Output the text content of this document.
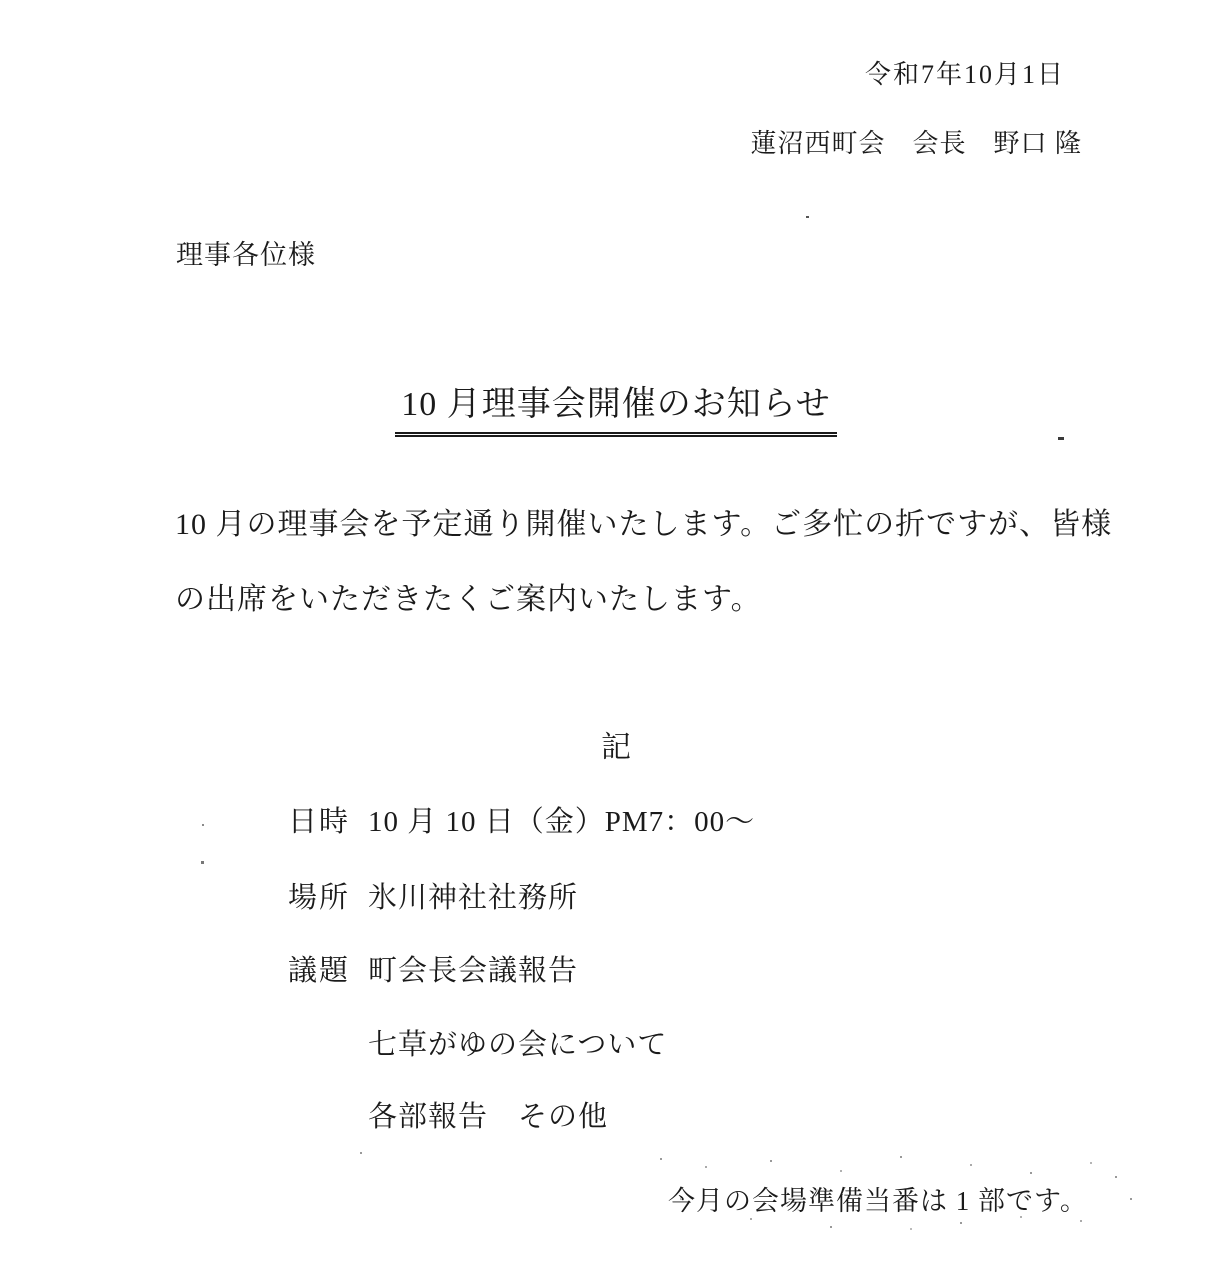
令和7年10月1日
蓮沼西町会　会長　野口 隆
理事各位様
10 月理事会開催のお知らせ
10 月の理事会を予定通り開催いたします。ご多忙の折ですが、皆様
の出席をいただきたくご案内いたします。
記
日時 10 月 10 日（金）PM7：00～
場所 氷川神社社務所
議題 町会長会議報告
七草がゆの会について
各部報告　その他
今月の会場準備当番は 1 部です。
